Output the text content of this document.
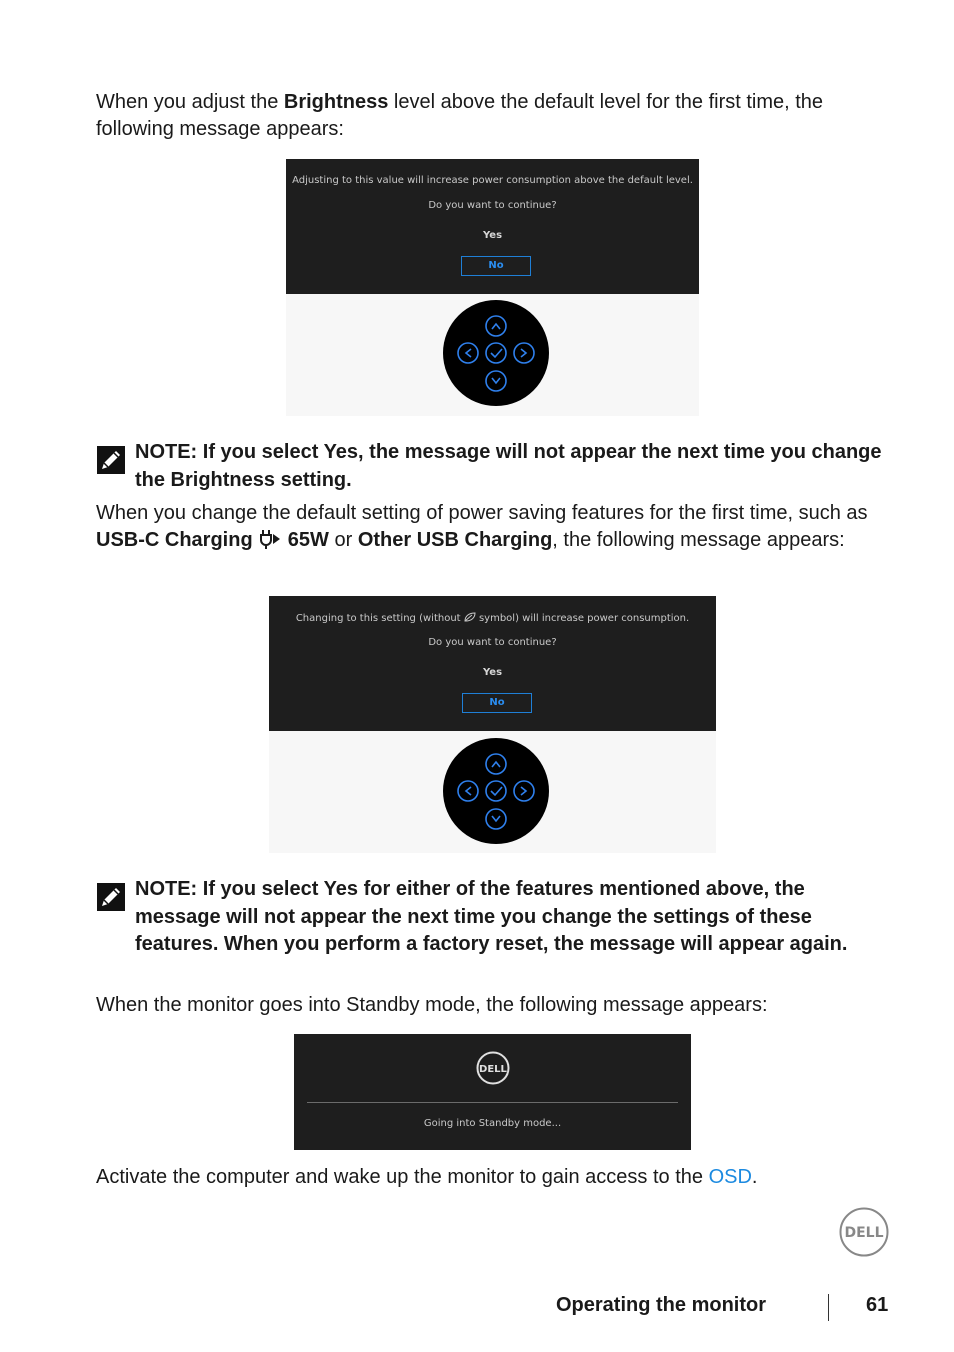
When you adjust the Brightness level above the default level for the first time, the following message appears:

Adjusting to this value will increase power consumption above the default level.
Do you want to continue?
Yes
No

NOTE: If you select Yes, the message will not appear the next time you change the Brightness setting.

When you change the default setting of power saving features for the first time, such as USB-C Charging 65W or Other USB Charging, the following message appears:

Changing to this setting (without symbol) will increase power consumption.
Do you want to continue?
Yes
No

NOTE: If you select Yes for either of the features mentioned above, the message will not appear the next time you change the settings of these features. When you perform a factory reset, the message will appear again.

When the monitor goes into Standby mode, the following message appears:

DELL
Going into Standby mode...

Activate the computer and wake up the monitor to gain access to the OSD.

DELL
Operating the monitor	61
